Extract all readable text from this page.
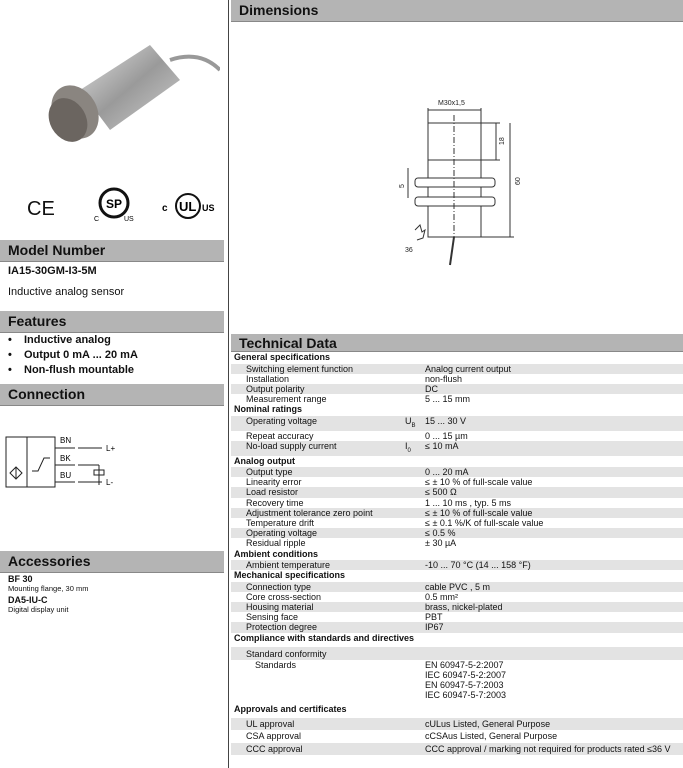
CE	SP
C	US
UL
c	US
Model Number
IA15-30GM-I3-5M
Inductive analog sensor
Features
• Inductive analog
• Output 0 mA ... 20 mA
• Non-flush mountable
Connection
BN
BK
BU
L+
L-
Accessories
BF 30
Mounting flange, 30 mm
DA5-IU-C
Digital display unit
Dimensions
M30x1,5
18
60
5
36
Technical Data
General specifications		
Switching element function		Analog current output
Installation		non-flush
Output polarity		DC
Measurement range		5 ... 15 mm
Nominal ratings		
Operating voltage	$U_B$	15 ... 30 V
Repeat accuracy		0 ... 15 µm
No-load supply current	$I_0$	≤ 10 mA
Analog output		
Output type		0 ... 20 mA
Linearity error		≤ ± 10 % of full-scale value
Load resistor		≤ 500 Ω
Recovery time		1 ... 10 ms , typ. 5 ms
Adjustment tolerance zero point		≤ ± 10 % of full-scale value
Temperature drift		≤ ± 0.1 %/K of full-scale value
Operating voltage		≤ 0.5 %
Residual ripple		± 30 µA
Ambient conditions		
Ambient temperature		-10 ... 70 °C (14 ... 158 °F)
Mechanical specifications		
Connection type		cable PVC , 5 m
Core cross-section		0.5 mm²
Housing material		brass, nickel-plated
Sensing face		PBT
Protection degree		IP67
Compliance with standards and directives		
Standard conformity		
Standards		EN 60947-5-2:2007
IEC 60947-5-2:2007
EN 60947-5-7:2003
IEC 60947-5-7:2003
Approvals and certificates		
UL approval		cULus Listed, General Purpose
CSA approval		cCSAus Listed, General Purpose
CCC approval		CCC approval / marking not required for products rated ≤36 V
